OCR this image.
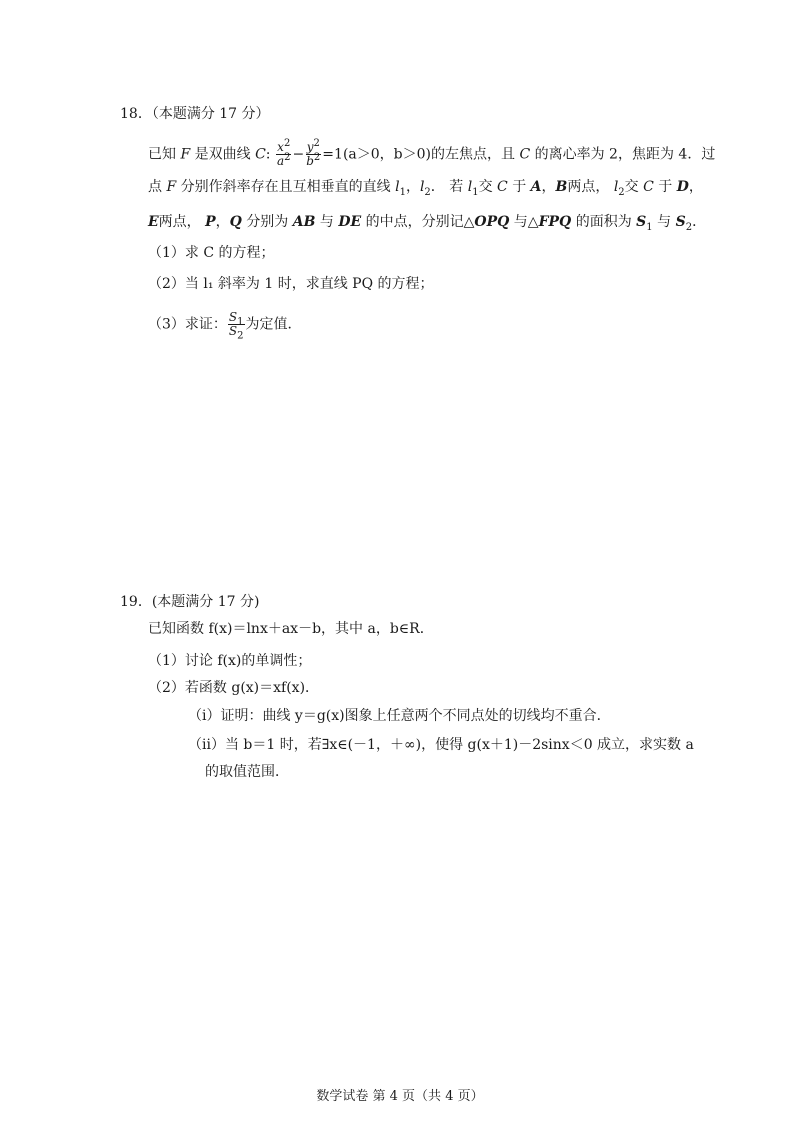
18．（本题满分 17 分）
已知 F 是双曲线 C: $\frac{x^2}{a^2} - \frac{y^2}{b^2} =1(a>0$，b＞0)的左焦点，且 C 的离心率为 2，焦距为 4．过
点 F 分别作斜率存在且互相垂直的直线 $l_1$，$l_2$． 若 $l_1$交 C 于 A，B两点， $l_2$交 C 于 D，
E两点， P，Q 分别为 AB 与 DE 的中点，分别记△OPQ 与△FPQ 的面积为 $S_1$ 与 $S_2$．
（1）求 C 的方程；
（2）当 l₁ 斜率为 1 时，求直线 PQ 的方程；
（3）求证： $\frac{S_1}{S_2}$ 为定值．
19．(本题满分 17 分)
已知函数 f(x)＝lnx＋ax－b，其中 a，b∈R．
（1）讨论 f(x)的单调性；
（2）若函数 g(x)＝xf(x)．
（i）证明：曲线 y＝g(x)图象上任意两个不同点处的切线均不重合．
（ii）当 b＝1 时，若∃x∈(－1，＋∞)，使得 g(x＋1)－2sinx＜0 成立，求实数 a
的取值范围．
数学试卷 第 4 页（共 4 页）
